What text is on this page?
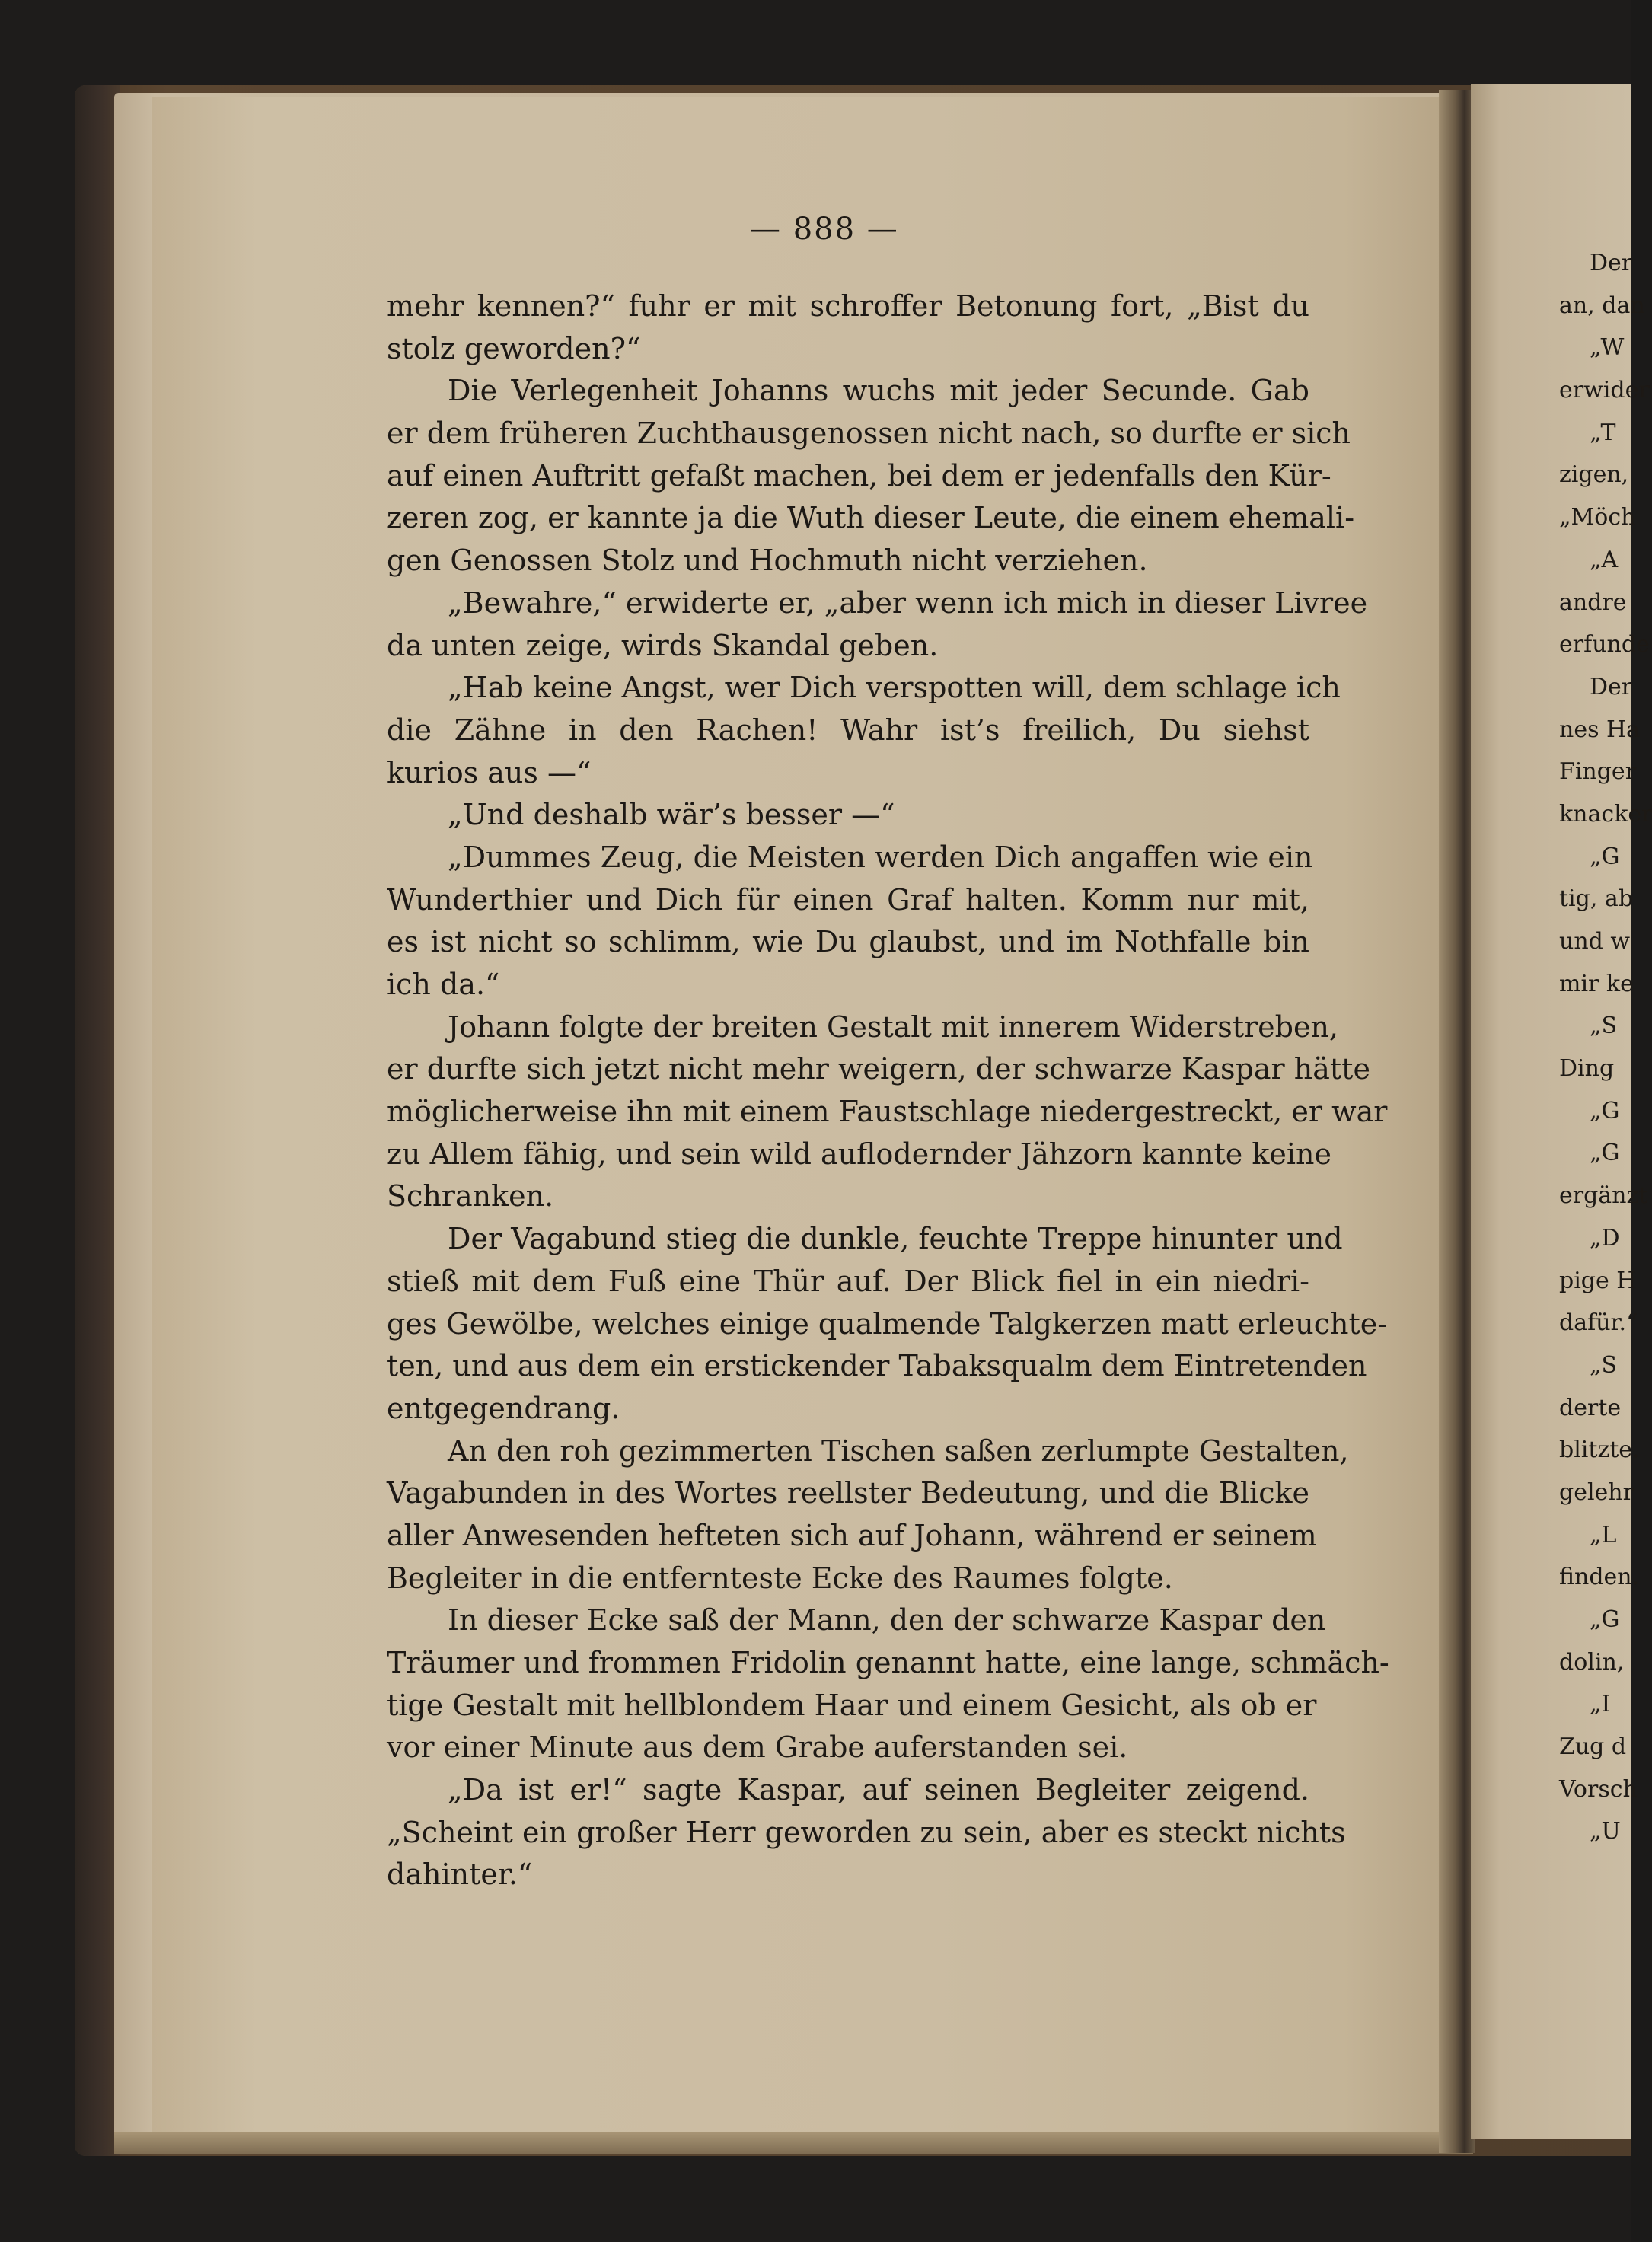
— 888 —
mehr kennen?“ fuhr er mit schroffer Betonung fort, „Bist du
stolz geworden?“
Die Verlegenheit Johanns wuchs mit jeder Secunde. Gab
er dem früheren Zuchthausgenossen nicht nach, so durfte er sich
auf einen Auftritt gefaßt machen, bei dem er jedenfalls den Kür-
zeren zog, er kannte ja die Wuth dieser Leute, die einem ehemali-
gen Genossen Stolz und Hochmuth nicht verziehen.
„Bewahre,“ erwiderte er, „aber wenn ich mich in dieser Livree
da unten zeige, wirds Skandal geben.
„Hab keine Angst, wer Dich verspotten will, dem schlage ich
die Zähne in den Rachen! Wahr ist’s freilich, Du siehst
kurios aus —“
„Und deshalb wär’s besser —“
„Dummes Zeug, die Meisten werden Dich angaffen wie ein
Wunderthier und Dich für einen Graf halten. Komm nur mit,
es ist nicht so schlimm, wie Du glaubst, und im Nothfalle bin
ich da.“
Johann folgte der breiten Gestalt mit innerem Widerstreben,
er durfte sich jetzt nicht mehr weigern, der schwarze Kaspar hätte
möglicherweise ihn mit einem Faustschlage niedergestreckt, er war
zu Allem fähig, und sein wild auflodernder Jähzorn kannte keine
Schranken.
Der Vagabund stieg die dunkle, feuchte Treppe hinunter und
stieß mit dem Fuß eine Thür auf. Der Blick fiel in ein niedri-
ges Gewölbe, welches einige qualmende Talgkerzen matt erleuchte-
ten, und aus dem ein erstickender Tabaksqualm dem Eintretenden
entgegendrang.
An den roh gezimmerten Tischen saßen zerlumpte Gestalten,
Vagabunden in des Wortes reellster Bedeutung, und die Blicke
aller Anwesenden hefteten sich auf Johann, während er seinem
Begleiter in die entfernteste Ecke des Raumes folgte.
In dieser Ecke saß der Mann, den der schwarze Kaspar den
Träumer und frommen Fridolin genannt hatte, eine lange, schmäch-
tige Gestalt mit hellblondem Haar und einem Gesicht, als ob er
vor einer Minute aus dem Grabe auferstanden sei.
„Da ist er!“ sagte Kaspar, auf seinen Begleiter zeigend.
„Scheint ein großer Herr geworden zu sein, aber es steckt nichts
dahinter.“
Der
an, dan
„W
erwider
„T
zigen,
„Möch
„A
andre
erfunde
Der
nes Ha
Finger
knacker
„G
tig, ab
und w
mir ke
„S
Ding
„G
„G
ergänzt
„D
pige H
dafür.“
„S
derte
blitzte.
gelehr
„L
finden.
„G
dolin,
„I
Zug d
Vorsch
„U
